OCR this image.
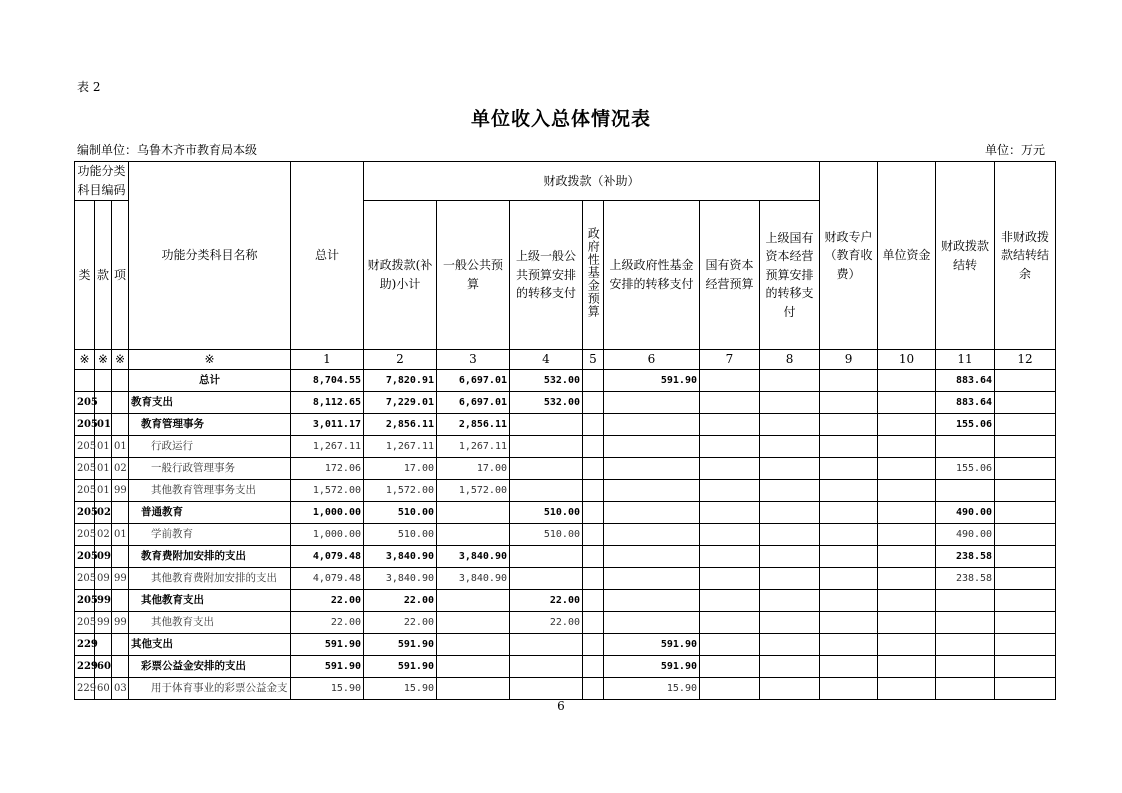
表 2
单位收入总体情况表
编制单位：乌鲁木齐市教育局本级	单位：万元
功能分类科目编码			功能分类科目名称	总计	财政拨款（补助）							财政专户（教育收费）	单位资金	财政拨款结转	非财政拨款结转结余
类	款	项			财政拨款(补助)小计	一般公共预算	上级一般公共预算安排的转移支付	政府性基金预算	上级政府性基金安排的转移支付	国有资本经营预算	上级国有资本经营预算安排的转移支付				
※	※	※	※	1	2	3	4	5	6	7	8	9	10	11	12
			总计	8,704.55	7,820.91	6,697.01	532.00		591.90					883.64	
205			教育支出	8,112.65	7,229.01	6,697.01	532.00							883.64	
205	01		教育管理事务	3,011.17	2,856.11	2,856.11								155.06	
205	01	01	行政运行	1,267.11	1,267.11	1,267.11									
205	01	02	一般行政管理事务	172.06	17.00	17.00								155.06	
205	01	99	其他教育管理事务支出	1,572.00	1,572.00	1,572.00									
205	02		普通教育	1,000.00	510.00		510.00							490.00	
205	02	01	学前教育	1,000.00	510.00		510.00							490.00	
205	09		教育费附加安排的支出	4,079.48	3,840.90	3,840.90								238.58	
205	09	99	其他教育费附加安排的支出	4,079.48	3,840.90	3,840.90								238.58	
205	99		其他教育支出	22.00	22.00		22.00								
205	99	99	其他教育支出	22.00	22.00		22.00								
229			其他支出	591.90	591.90				591.90						
229	60		彩票公益金安排的支出	591.90	591.90				591.90						
229	60	03	用于体育事业的彩票公益金支	15.90	15.90				15.90						
6
